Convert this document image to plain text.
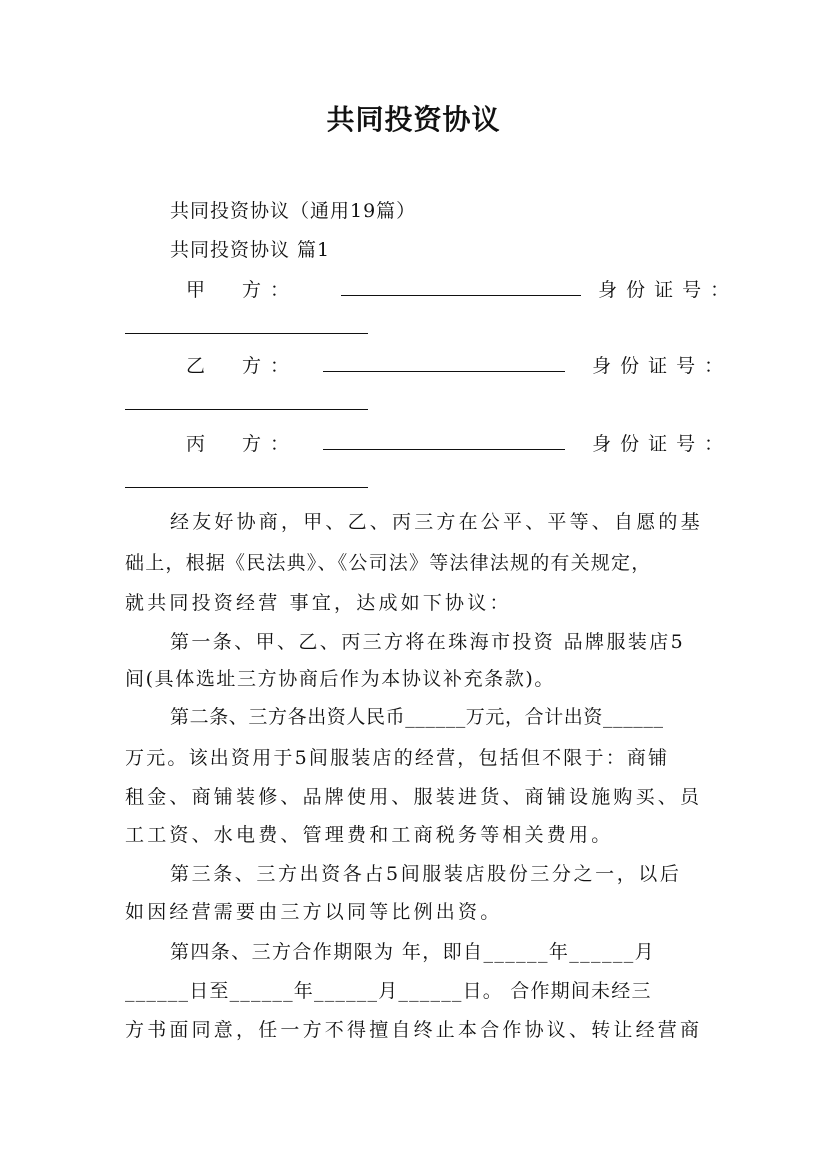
共同投资协议
共同投资协议（通用19篇）
共同投资协议 篇1
甲　方：	身份证号：
乙　方：	身份证号：
丙　方：	身份证号：
经友好协商，甲、乙、丙三方在公平、平等、自愿的基
础上，根据《民法典》、《公司法》等法律法规的有关规定，
就共同投资经营 事宜，达成如下协议：
第一条、甲、乙、丙三方将在珠海市投资 品牌服装店5
间(具体选址三方协商后作为本协议补充条款)。
第二条、三方各出资人民币______万元，合计出资______
万元。该出资用于5间服装店的经营，包括但不限于：商铺
租金、商铺装修、品牌使用、服装进货、商铺设施购买、员
工工资、水电费、管理费和工商税务等相关费用。
第三条、三方出资各占5间服装店股份三分之一，以后
如因经营需要由三方以同等比例出资。
第四条、三方合作期限为 年，即自______年______月
______日至______年______月______日。 合作期间未经三
方书面同意，任一方不得擅自终止本合作协议、转让经营商
